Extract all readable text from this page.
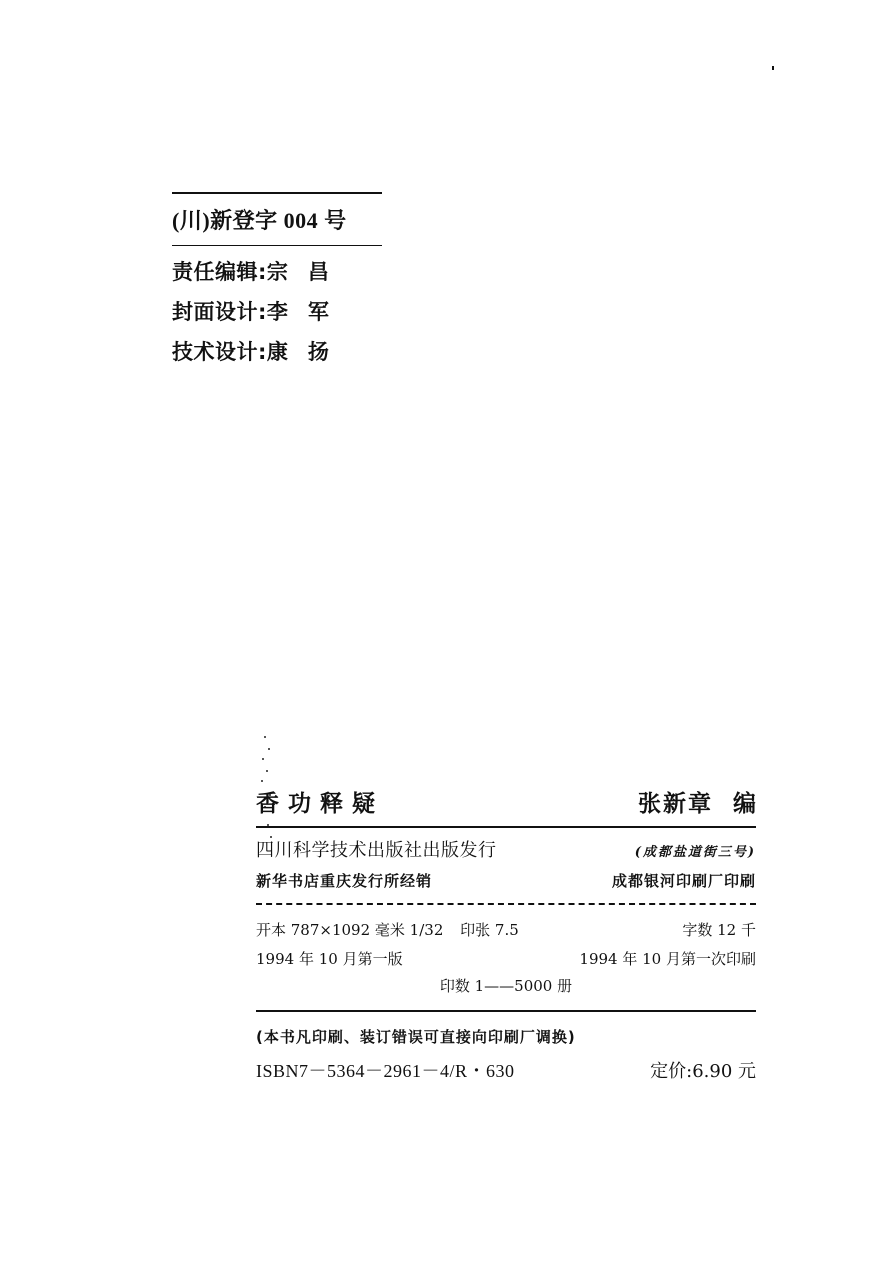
(川)新登字 004 号
责任编辑:宗昌
封面设计:李军
技术设计:康扬
香功释疑	张新章 编
四川科学技术出版社出版发行	(成都盐道街三号)
新华书店重庆发行所经销	成都银河印刷厂印刷
开本 787×1092 毫米 1/32 印张 7.5	字数 12 千
1994 年 10 月第一版	1994 年 10 月第一次印刷
印数 1——5000 册
(本书凡印刷、装订错误可直接向印刷厂调换)
ISBN7－5364－2961－4/R・630	定价:6.90 元
